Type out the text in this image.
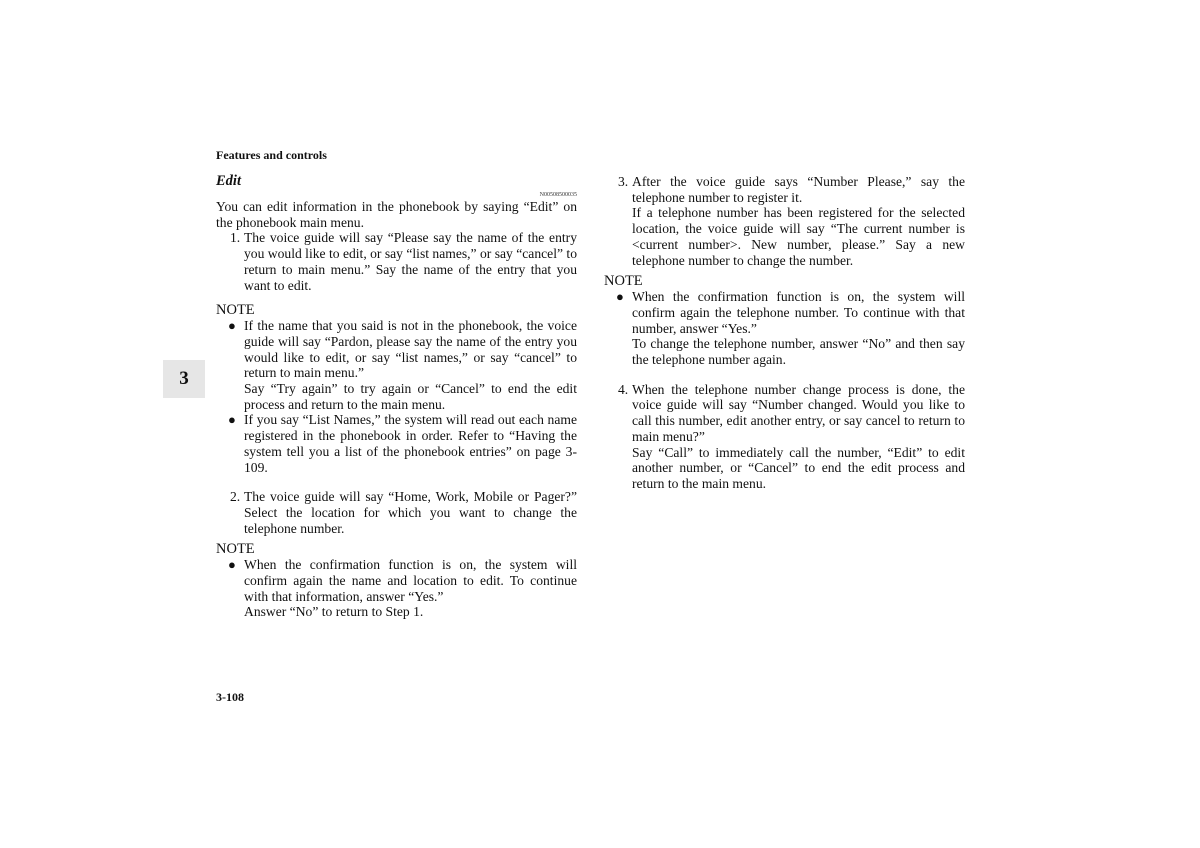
Features and controls
3
Edit
N00508500035

You can edit information in the phonebook by saying “Edit” on the phonebook main menu.

1. The voice guide will say “Please say the name of the entry you would like to edit, or say “list names,” or say “cancel” to return to main menu.” Say the name of the entry that you want to edit.
NOTE
● If the name that you said is not in the phonebook, the voice guide will say “Pardon, please say the name of the entry you would like to edit, or say “list names,” or say “cancel” to return to main menu.”
Say “Try again” to try again or “Cancel” to end the edit process and return to the main menu.
● If you say “List Names,” the system will read out each name registered in the phonebook in order. Refer to “Having the system tell you a list of the phonebook entries” on page 3-109.
2. The voice guide will say “Home, Work, Mobile or Pager?” Select the location for which you want to change the telephone number.
NOTE
● When the confirmation function is on, the system will confirm again the name and location to edit. To continue with that information, answer “Yes.”
Answer “No” to return to Step 1.
3. After the voice guide says “Number Please,” say the telephone number to register it.
If a telephone number has been registered for the selected location, the voice guide will say “The current number is <current number>. New number, please.” Say a new telephone number to change the number.
NOTE
● When the confirmation function is on, the system will confirm again the telephone number. To continue with that number, answer “Yes.”
To change the telephone number, answer “No” and then say the telephone number again.
4. When the telephone number change process is done, the voice guide will say “Number changed. Would you like to call this number, edit another entry, or say cancel to return to main menu?”
Say “Call” to immediately call the number, “Edit” to edit another number, or “Cancel” to end the edit process and return to the main menu.
3-108
